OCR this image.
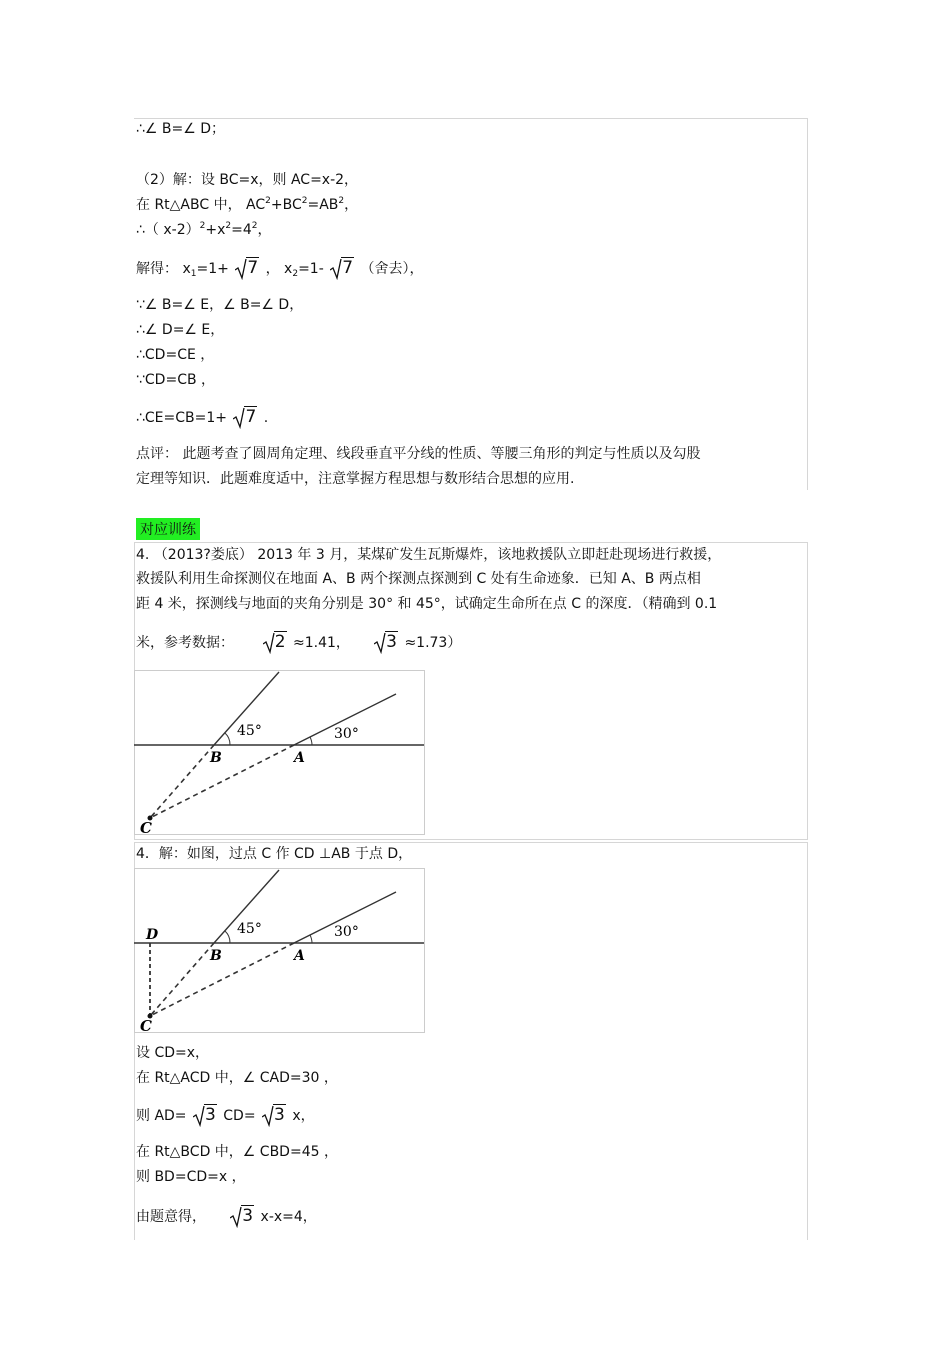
∴∠ B=∠ D；
（2）解：设 BC=x，则 AC=x-2，
在 Rt△ABC 中， $AC^2+BC^2=AB^2$，
∴（ $x-2)^2+x^2=4^2$，
解得： $x_1=1+ 7$ ， $x_2=1-$ 7 （舍去），
∵∠ B=∠ E，∠ B=∠ D，
∴∠ D=∠ E，
∴CD=CE ，
∵CD=CB ，
∴CE=CB=1+ 7 .
点评： 此题考查了圆周角定理、线段垂直平分线的性质、等腰三角形的判定与性质以及勾股
定理等知识．此题难度适中，注意掌握方程思想与数形结合思想的应用.
对应训练
4. （2013?娄底） 2013 年 3 月，某煤矿发生瓦斯爆炸，该地救援队立即赶赴现场进行救援，
救援队利用生命探测仪在地面 A、B 两个探测点探测到 C 处有生命迹象．已知 A、B 两点相
距 4 米，探测线与地面的夹角分别是 30° 和 45°，试确定生命所在点 C 的深度．（精确到 0.1
米，参考数据： 2 ≈1.41， 3 ≈1.73）
45°	30°
B	A
C
4．解：如图，过点 C 作 CD ⊥AB 于点 D，
45°	30°
D
B	A
C
设 CD=x，
在 Rt△ACD 中，∠ CAD=30 ，
则 AD= 3 CD= 3 x，
在 Rt△BCD 中，∠ CBD=45 ，
则 BD=CD=x ，
由题意得， 3 x-x=4，
